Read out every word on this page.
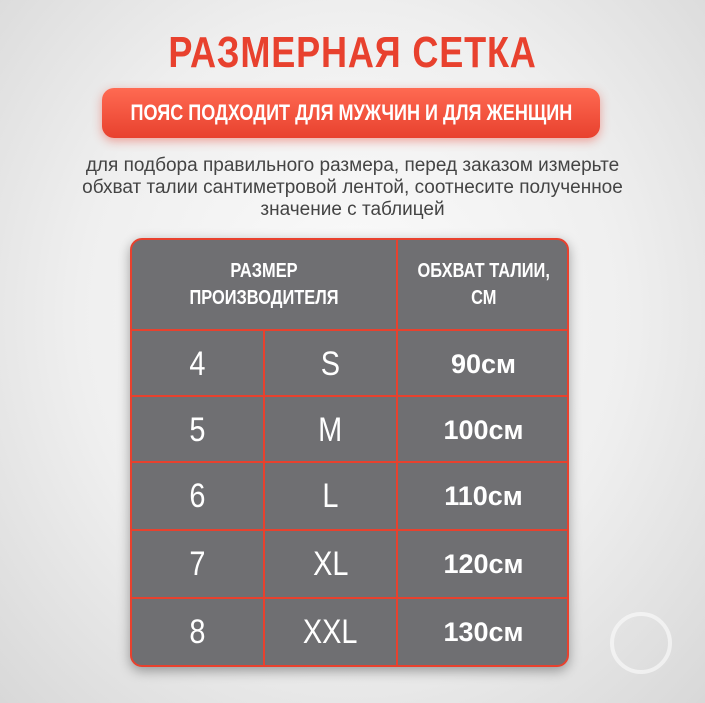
РАЗМЕРНАЯ СЕТКА
ПОЯС ПОДХОДИТ ДЛЯ МУЖЧИН И ДЛЯ ЖЕНЩИН
для подбора правильного размера, перед заказом измерьте
обхват талии сантиметровой лентой, соотнесите полученное
значение с таблицей
РАЗМЕР ПРОИЗВОДИТЕЛЯ
ОБХВАТ ТАЛИИ,
СМ
4	S	90см
5	M	100см
6	L	110см
7	XL	120см
8	XXL	130см
